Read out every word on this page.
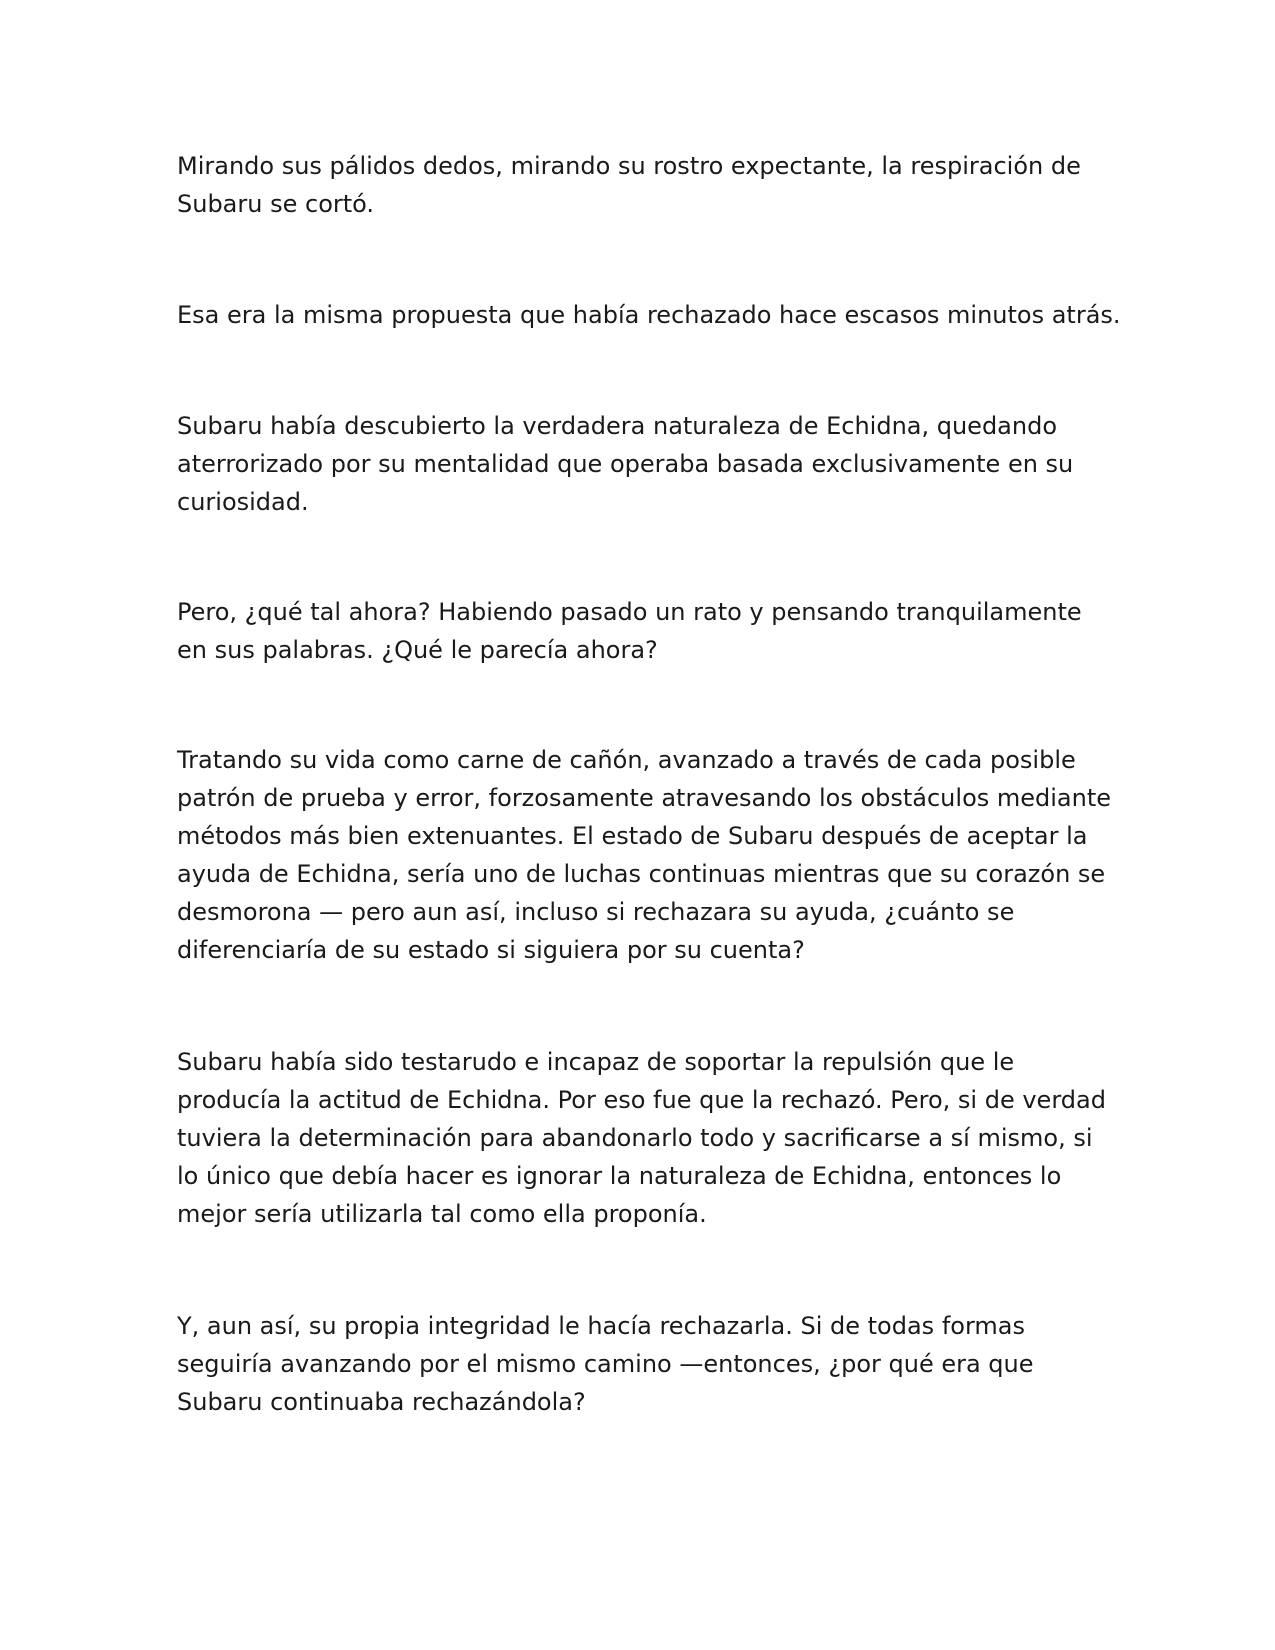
Mirando sus pálidos dedos, mirando su rostro expectante, la respiración de
Subaru se cortó.

Esa era la misma propuesta que había rechazado hace escasos minutos atrás.

Subaru había descubierto la verdadera naturaleza de Echidna, quedando
aterrorizado por su mentalidad que operaba basada exclusivamente en su
curiosidad.

Pero, ¿qué tal ahora? Habiendo pasado un rato y pensando tranquilamente
en sus palabras. ¿Qué le parecía ahora?

Tratando su vida como carne de cañón, avanzado a través de cada posible
patrón de prueba y error, forzosamente atravesando los obstáculos mediante
métodos más bien extenuantes. El estado de Subaru después de aceptar la
ayuda de Echidna, sería uno de luchas continuas mientras que su corazón se
desmorona — pero aun así, incluso si rechazara su ayuda, ¿cuánto se
diferenciaría de su estado si siguiera por su cuenta?

Subaru había sido testarudo e incapaz de soportar la repulsión que le
producía la actitud de Echidna. Por eso fue que la rechazó. Pero, si de verdad
tuviera la determinación para abandonarlo todo y sacrificarse a sí mismo, si
lo único que debía hacer es ignorar la naturaleza de Echidna, entonces lo
mejor sería utilizarla tal como ella proponía.

Y, aun así, su propia integridad le hacía rechazarla. Si de todas formas
seguiría avanzando por el mismo camino —entonces, ¿por qué era que
Subaru continuaba rechazándola?
